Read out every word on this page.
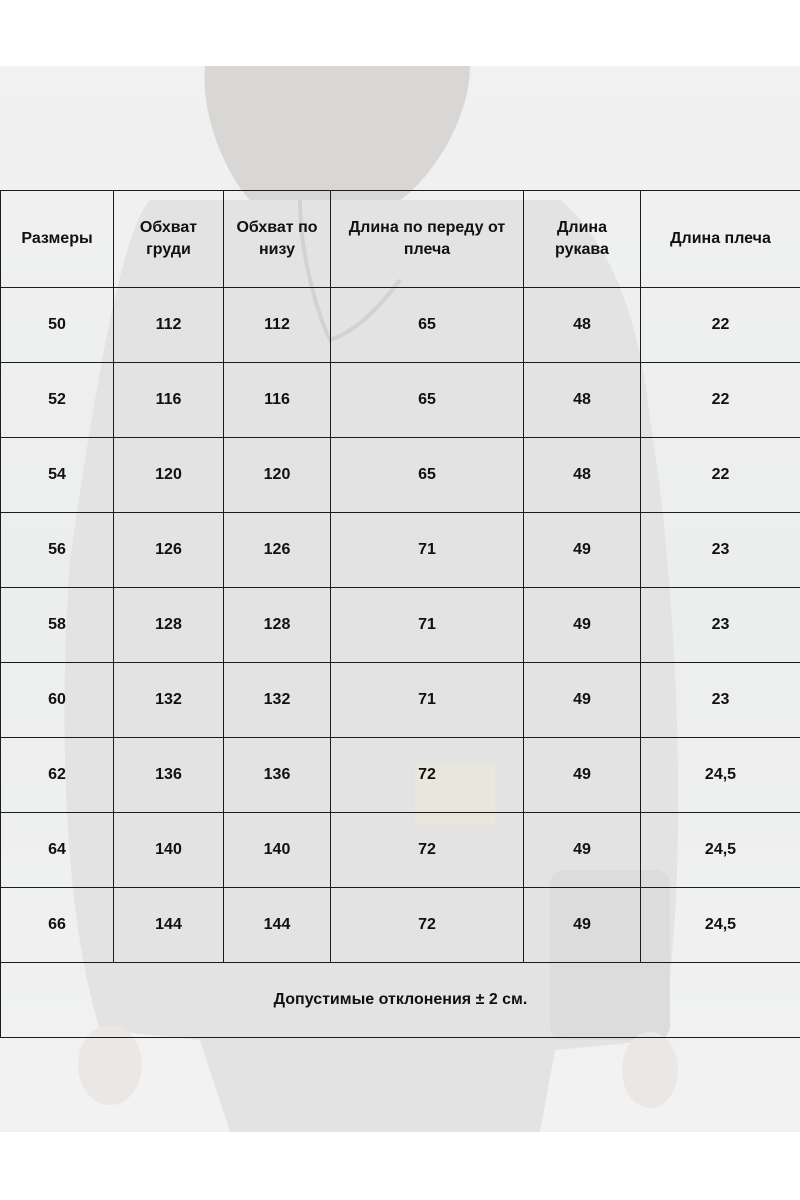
Размеры	Обхват груди	Обхват по низу	Длина по переду от плеча	Длина рукава	Длина плеча
50	112	112	65	48	22
52	116	116	65	48	22
54	120	120	65	48	22
56	126	126	71	49	23
58	128	128	71	49	23
60	132	132	71	49	23
62	136	136	72	49	24,5
64	140	140	72	49	24,5
66	144	144	72	49	24,5
Допустимые отклонения ± 2 см.					
